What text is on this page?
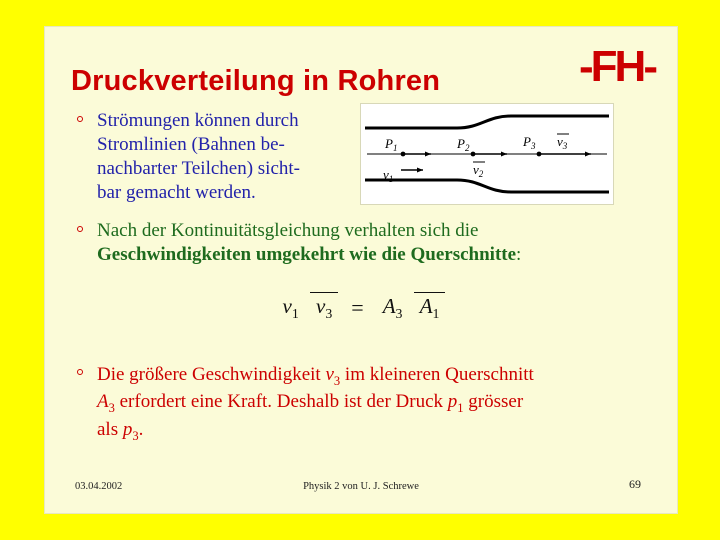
-FH-
Druckverteilung in Rohren
$P_1$
$v_1$
$P_2$
$v_2$
$P_3$ $v_3$
Strömungen können durch
Stromlinien (Bahnen be-
nachbarter Teilchen) sicht-
bar gemacht werden.
Nach der Kontinuitätsgleichung verhalten sich die
Geschwindigkeiten umgekehrt wie die Querschnitte:
$v_1$ $v_3 = A_3$ $A_1$
Die größere Geschwindigkeit $v_3$ im kleineren Querschnitt
$A_3$ erfordert eine Kraft. Deshalb ist der Druck $p_1$ grösser
als $p_3$.
03.04.2002	Physik 2 von U. J. Schrewe	69
